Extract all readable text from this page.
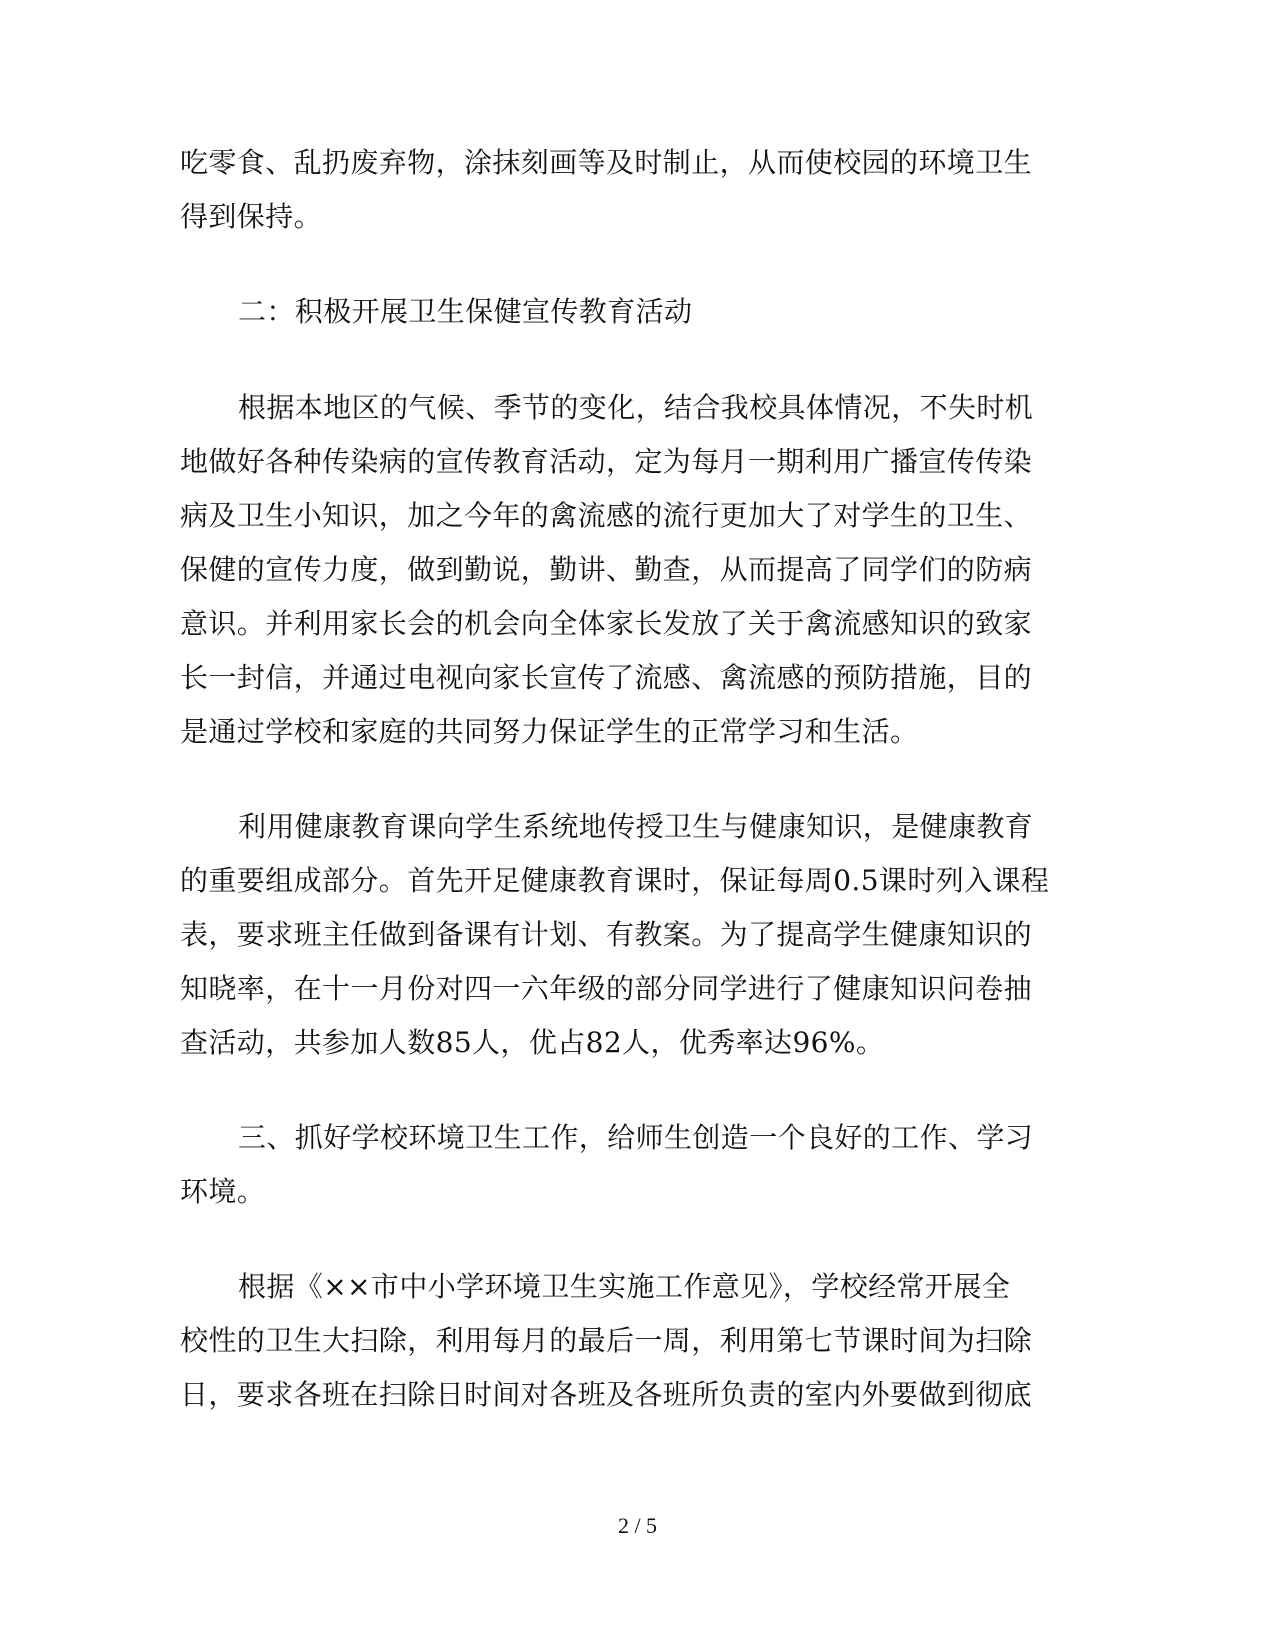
吃零食、乱扔废弃物，涂抹刻画等及时制止，从而使校园的环境卫生
得到保持。
二：积极开展卫生保健宣传教育活动
根据本地区的气候、季节的变化，结合我校具体情况，不失时机
地做好各种传染病的宣传教育活动，定为每月一期利用广播宣传传染
病及卫生小知识，加之今年的禽流感的流行更加大了对学生的卫生、
保健的宣传力度，做到勤说，勤讲、勤查，从而提高了同学们的防病
意识。并利用家长会的机会向全体家长发放了关于禽流感知识的致家
长一封信，并通过电视向家长宣传了流感、禽流感的预防措施，目的
是通过学校和家庭的共同努力保证学生的正常学习和生活。
利用健康教育课向学生系统地传授卫生与健康知识，是健康教育
的重要组成部分。首先开足健康教育课时，保证每周0.5课时列入课程
表，要求班主任做到备课有计划、有教案。为了提高学生健康知识的
知晓率，在十一月份对四一六年级的部分同学进行了健康知识问卷抽
查活动，共参加人数85人，优占82人，优秀率达96%。
三、抓好学校环境卫生工作，给师生创造一个良好的工作、学习
环境。
根据《××市中小学环境卫生实施工作意见》，学校经常开展全
校性的卫生大扫除，利用每月的最后一周，利用第七节课时间为扫除
日，要求各班在扫除日时间对各班及各班所负责的室内外要做到彻底
2 / 5
